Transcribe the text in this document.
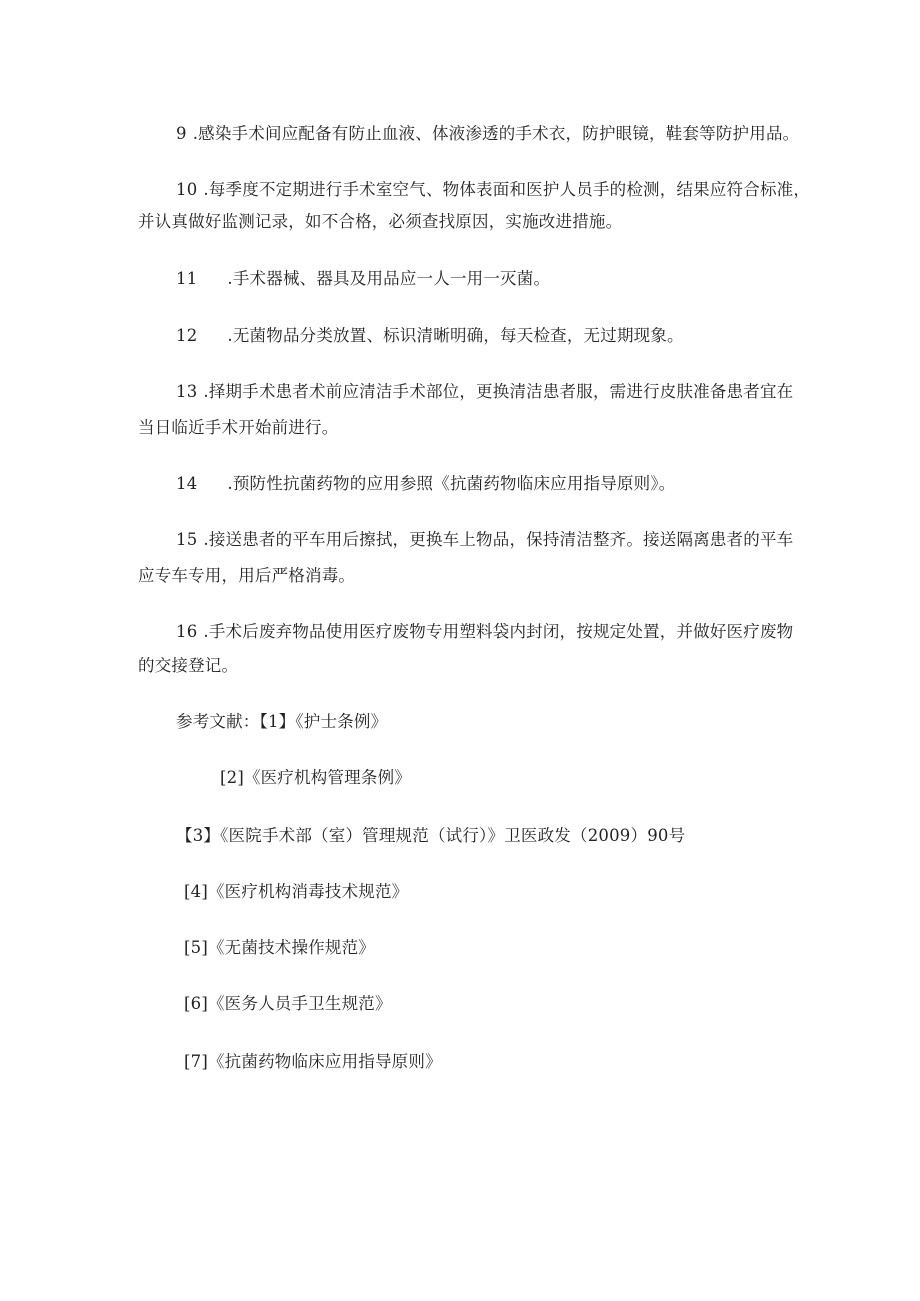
9 .感染手术间应配备有防止血液、体液渗透的手术衣，防护眼镜，鞋套等防护用品。
10 .每季度不定期进行手术室空气、物体表面和医护人员手的检测，结果应符合标准，
并认真做好监测记录，如不合格，必须查找原因，实施改进措施。
11 .手术器械、器具及用品应一人一用一灭菌。
12 .无菌物品分类放置、标识清晰明确，每天检查，无过期现象。
13 .择期手术患者术前应清洁手术部位，更换清洁患者服，需进行皮肤准备患者宜在
当日临近手术开始前进行。
14 .预防性抗菌药物的应用参照《抗菌药物临床应用指导原则》。
15 .接送患者的平车用后擦拭，更换车上物品，保持清洁整齐。接送隔离患者的平车
应专车专用，用后严格消毒。
16 .手术后废弃物品使用医疗废物专用塑料袋内封闭，按规定处置，并做好医疗废物
的交接登记。
参考文献：【1】《护士条例》
[2]《医疗机构管理条例》
【3】《医院手术部（室）管理规范（试行）》卫医政发（2009）90号
[4]《医疗机构消毒技术规范》
[5]《无菌技术操作规范》
[6]《医务人员手卫生规范》
[7]《抗菌药物临床应用指导原则》
